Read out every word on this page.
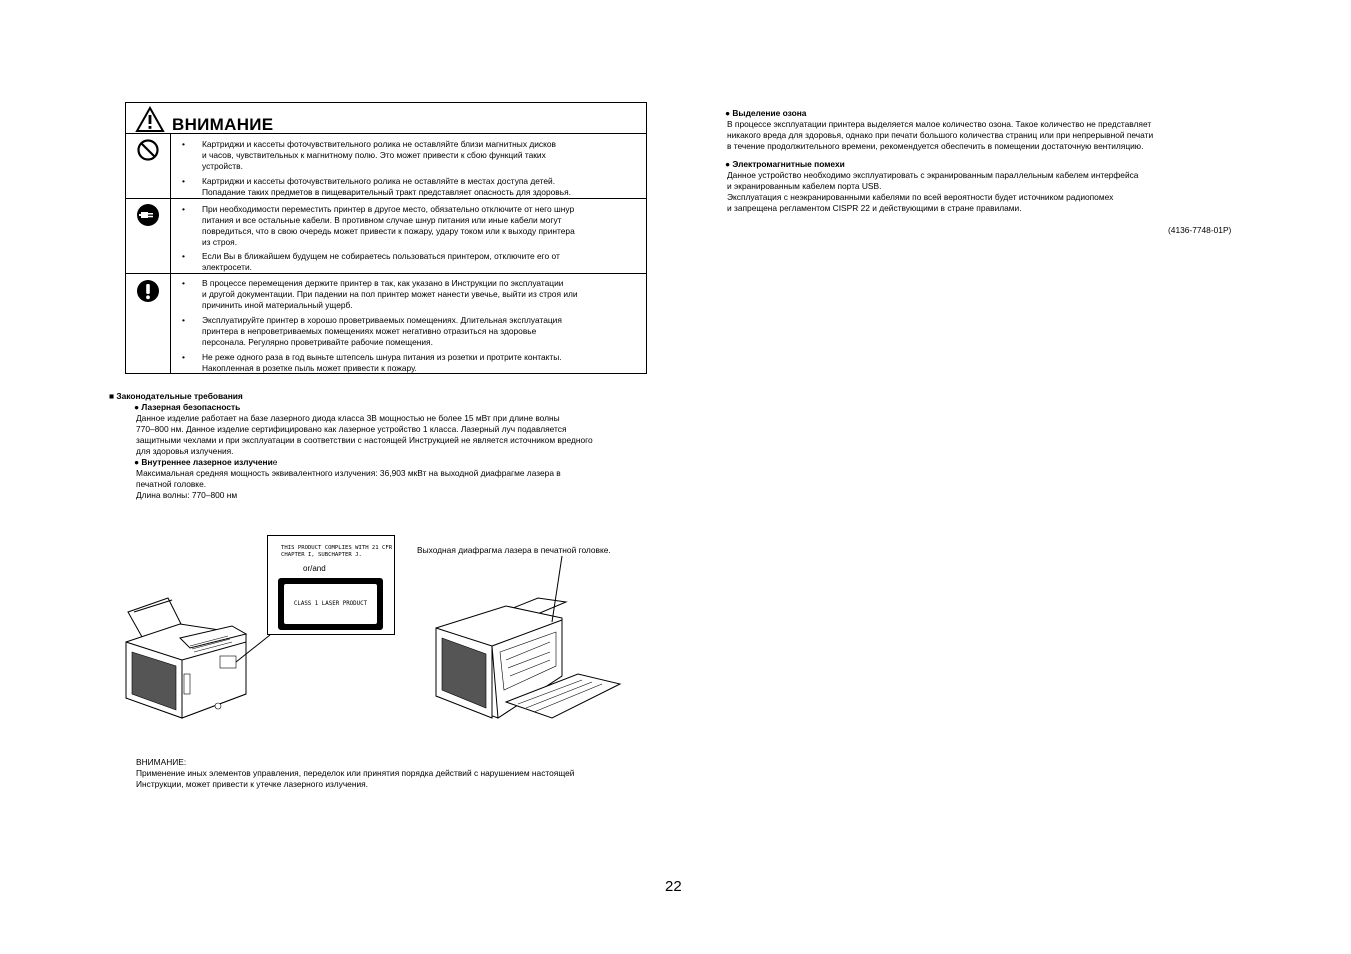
ВНИМАНИЕ
• Картриджи и кассеты фоточувствительного ролика не оставляйте близи магнитных дисков
и часов, чувствительных к магнитному полю. Это может привести к сбою функций таких
устройств.
• Картриджи и кассеты фоточувствительного ролика не оставляйте в местах доступа детей.
Попадание таких предметов в пищеварительный тракт представляет опасность для здоровья.
• При необходимости переместить принтер в другое место, обязательно отключите от него шнур
питания и все остальные кабели. В противном случае шнур питания или иные кабели могут
повредиться, что в свою очередь может привести к пожару, удару током или к выходу принтера
из строя.
• Если Вы в ближайшем будущем не собираетесь пользоваться принтером, отключите его от
электросети.
• В процессе перемещения держите принтер в так, как указано в Инструкции по эксплуатации
и другой документации. При падении на пол принтер может нанести увечье, выйти из строя или
причинить иной материальный ущерб.
• Эксплуатируйте принтер в хорошо проветриваемых помещениях. Длительная эксплуатация
принтера в непроветриваемых помещениях может негативно отразиться на здоровье
персонала. Регулярно проветривайте рабочие помещения.
• Не реже одного раза в год выньте штепсель шнура питания из розетки и протрите контакты.
Накопленная в розетке пыль может привести к пожару.
■ Законодательные требования
● Лазерная безопасность
Данное изделие работает на базе лазерного диода класса 3B мощностью не более 15 мВт при длине волны
770–800 нм. Данное изделие сертифицировано как лазерное устройство 1 класса. Лазерный луч подавляется
защитными чехлами и при эксплуатации в соответствии с настоящей Инструкцией не является источником вредного
для здоровья излучения.
● Внутреннее лазерное излучение
Максимальная средняя мощность эквивалентного излучения: 36,903 мкВт на выходной диафрагме лазера в
печатной головке.
Длина волны: 770–800 нм
THIS PRODUCT COMPLIES WITH 21 CFR
CHAPTER I, SUBCHAPTER J.
or/and
CLASS 1 LASER PRODUCT
Выходная диафрагма лазера в печатной головке.
ВНИМАНИЕ:
Применение иных элементов управления, переделок или принятия порядка действий с нарушением настоящей
Инструкции, может привести к утечке лазерного излучения.
● Выделение озона
В процессе эксплуатации принтера выделяется малое количество озона. Такое количество не представляет
никакого вреда для здоровья, однако при печати большого количества страниц или при непрерывной печати
в течение продолжительного времени, рекомендуется обеспечить в помещении достаточную вентиляцию.
● Электромагнитные помехи
Данное устройство необходимо эксплуатировать с экранированным параллельным кабелем интерфейса
и экранированным кабелем порта USB.
Эксплуатация с неэкранированными кабелями по всей вероятности будет источником радиопомех
и запрещена регламентом CISPR 22 и действующими в стране правилами.
(4136-7748-01P)
22
